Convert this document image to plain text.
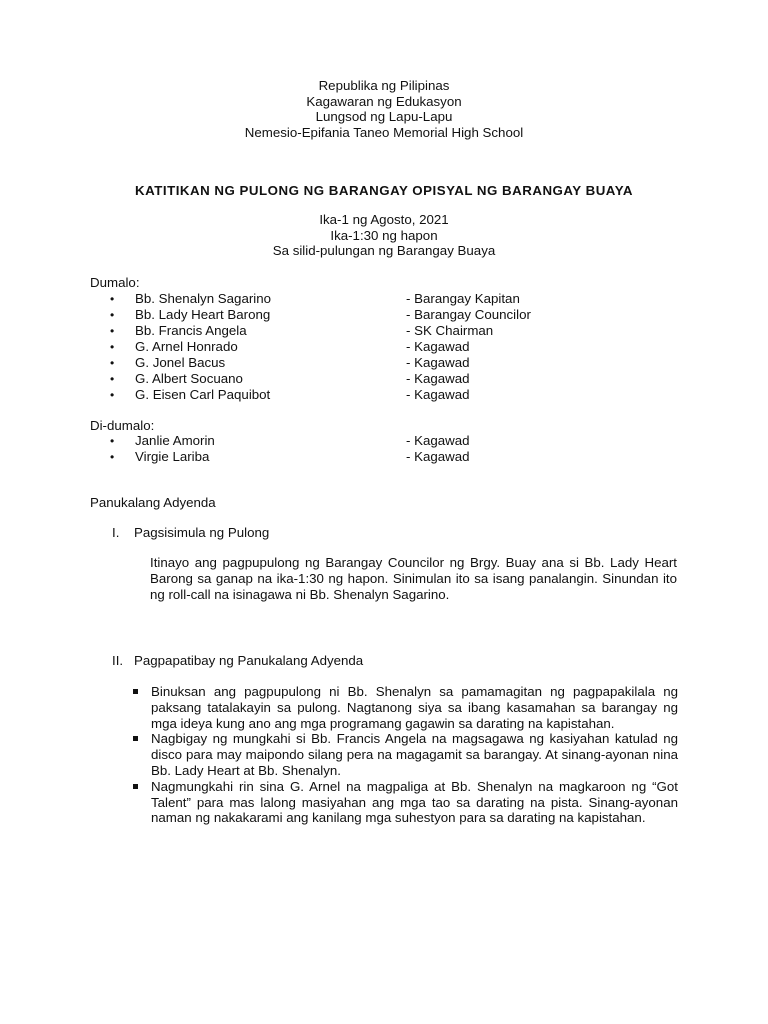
Republika ng Pilipinas
Kagawaran ng Edukasyon
Lungsod ng Lapu-Lapu
Nemesio-Epifania Taneo Memorial High School
KATITIKAN NG PULONG NG BARANGAY OPISYAL NG BARANGAY BUAYA
Ika-1 ng Agosto, 2021
Ika-1:30 ng hapon
Sa silid-pulungan ng Barangay Buaya
Dumalo:
• Bb. Shenalyn Sagarino	- Barangay Kapitan
• Bb. Lady Heart Barong	- Barangay Councilor
• Bb. Francis Angela	- SK Chairman
• G. Arnel Honrado	- Kagawad
• G. Jonel Bacus	- Kagawad
• G. Albert Socuano	- Kagawad
• G. Eisen Carl Paquibot	- Kagawad
Di-dumalo:
• Janlie Amorin	- Kagawad
• Virgie Lariba	- Kagawad
Panukalang Adyenda
I. Pagsisimula ng Pulong
Itinayo ang pagpupulong ng Barangay Councilor ng Brgy. Buay ana si Bb. Lady Heart Barong sa ganap na ika-1:30 ng hapon. Sinimulan ito sa isang panalangin. Sinundan ito ng roll-call na isinagawa ni Bb. Shenalyn Sagarino.
II. Pagpapatibay ng Panukalang Adyenda
Binuksan ang pagpupulong ni Bb. Shenalyn sa pamamagitan ng pagpapakilala ng paksang tatalakayin sa pulong. Nagtanong siya sa ibang kasamahan sa barangay ng mga ideya kung ano ang mga programang gagawin sa darating na kapistahan.
Nagbigay ng mungkahi si Bb. Francis Angela na magsagawa ng kasiyahan katulad ng disco para may maipondo silang pera na magagamit sa barangay. At sinang-ayonan nina Bb. Lady Heart at Bb. Shenalyn.
Nagmungkahi rin sina G. Arnel na magpaliga at Bb. Shenalyn na magkaroon ng “Got Talent” para mas lalong masiyahan ang mga tao sa darating na pista. Sinang-ayonan naman ng nakakarami ang kanilang mga suhestyon para sa darating na kapistahan.
